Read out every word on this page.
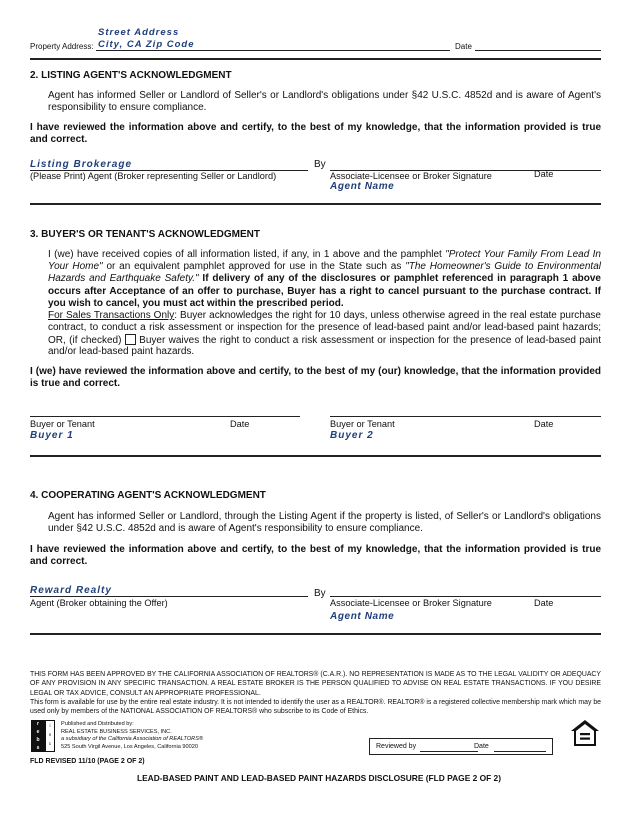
Street Address
Property Address: City, CA Zip Code	Date
2. LISTING AGENT'S ACKNOWLEDGMENT

Agent has informed Seller or Landlord of Seller's or Landlord's obligations under §42 U.S.C. 4852d and is aware of Agent's responsibility to ensure compliance.

I have reviewed the information above and certify, to the best of my knowledge, that the information provided is true and correct.

Listing Brokerage	By
(Please Print) Agent (Broker representing Seller or Landlord)	Associate-Licensee or Broker Signature	Date
Agent Name
3. BUYER'S OR TENANT'S ACKNOWLEDGMENT

I (we) have received copies of all information listed, if any, in 1 above and the pamphlet "Protect Your Family From Lead In Your Home" or an equivalent pamphlet approved for use in the State such as "The Homeowner's Guide to Environmental Hazards and Earthquake Safety." If delivery of any of the disclosures or pamphlet referenced in paragraph 1 above occurs after Acceptance of an offer to purchase, Buyer has a right to cancel pursuant to the purchase contract. If you wish to cancel, you must act within the prescribed period.

For Sales Transactions Only: Buyer acknowledges the right for 10 days, unless otherwise agreed in the real estate purchase contract, to conduct a risk assessment or inspection for the presence of lead-based paint and/or lead-based paint hazards; OR, (if checked)  Buyer waives the right to conduct a risk assessment or inspection for the presence of lead-based paint and/or lead-based paint hazards.

I (we) have reviewed the information above and certify, to the best of my (our) knowledge, that the information provided is true and correct.

Buyer or Tenant	Date	Buyer or Tenant	Date
Buyer 1	Buyer 2
4. COOPERATING AGENT'S ACKNOWLEDGMENT

Agent has informed Seller or Landlord, through the Listing Agent if the property is listed, of Seller's or Landlord's obligations under §42 U.S.C. 4852d and is aware of Agent's responsibility to ensure compliance.

I have reviewed the information above and certify, to the best of my knowledge, that the information provided is true and correct.

Reward Realty	By
Agent (Broker obtaining the Offer)	Associate-Licensee or Broker Signature	Date
Agent Name

THIS FORM HAS BEEN APPROVED BY THE CALIFORNIA ASSOCIATION OF REALTORS® (C.A.R.). NO REPRESENTATION IS MADE AS TO THE LEGAL VALIDITY OR ADEQUACY OF ANY PROVISION IN ANY SPECIFIC TRANSACTION. A REAL ESTATE BROKER IS THE PERSON QUALIFIED TO ADVISE ON REAL ESTATE TRANSACTIONS. IF YOU DESIRE LEGAL OR TAX ADVICE, CONSULT AN APPROPRIATE PROFESSIONAL.

This form is available for use by the entire real estate industry. It is not intended to identify the user as a REALTOR®. REALTOR® is a registered collective membership mark which may be used only by members of the NATIONAL ASSOCIATION OF REALTORS® who subscribe to its Code of Ethics.

r
e
b
s
i
n
c
Published and Distributed by:
REAL ESTATE BUSINESS SERVICES, INC.
a subsidiary of the California Association of REALTORS®
525 South Virgil Avenue, Los Angeles, California 90020	Reviewed by	Date
FLD REVISED 11/10 (PAGE 2 OF 2)
LEAD-BASED PAINT AND LEAD-BASED PAINT HAZARDS DISCLOSURE (FLD PAGE 2 OF 2)
